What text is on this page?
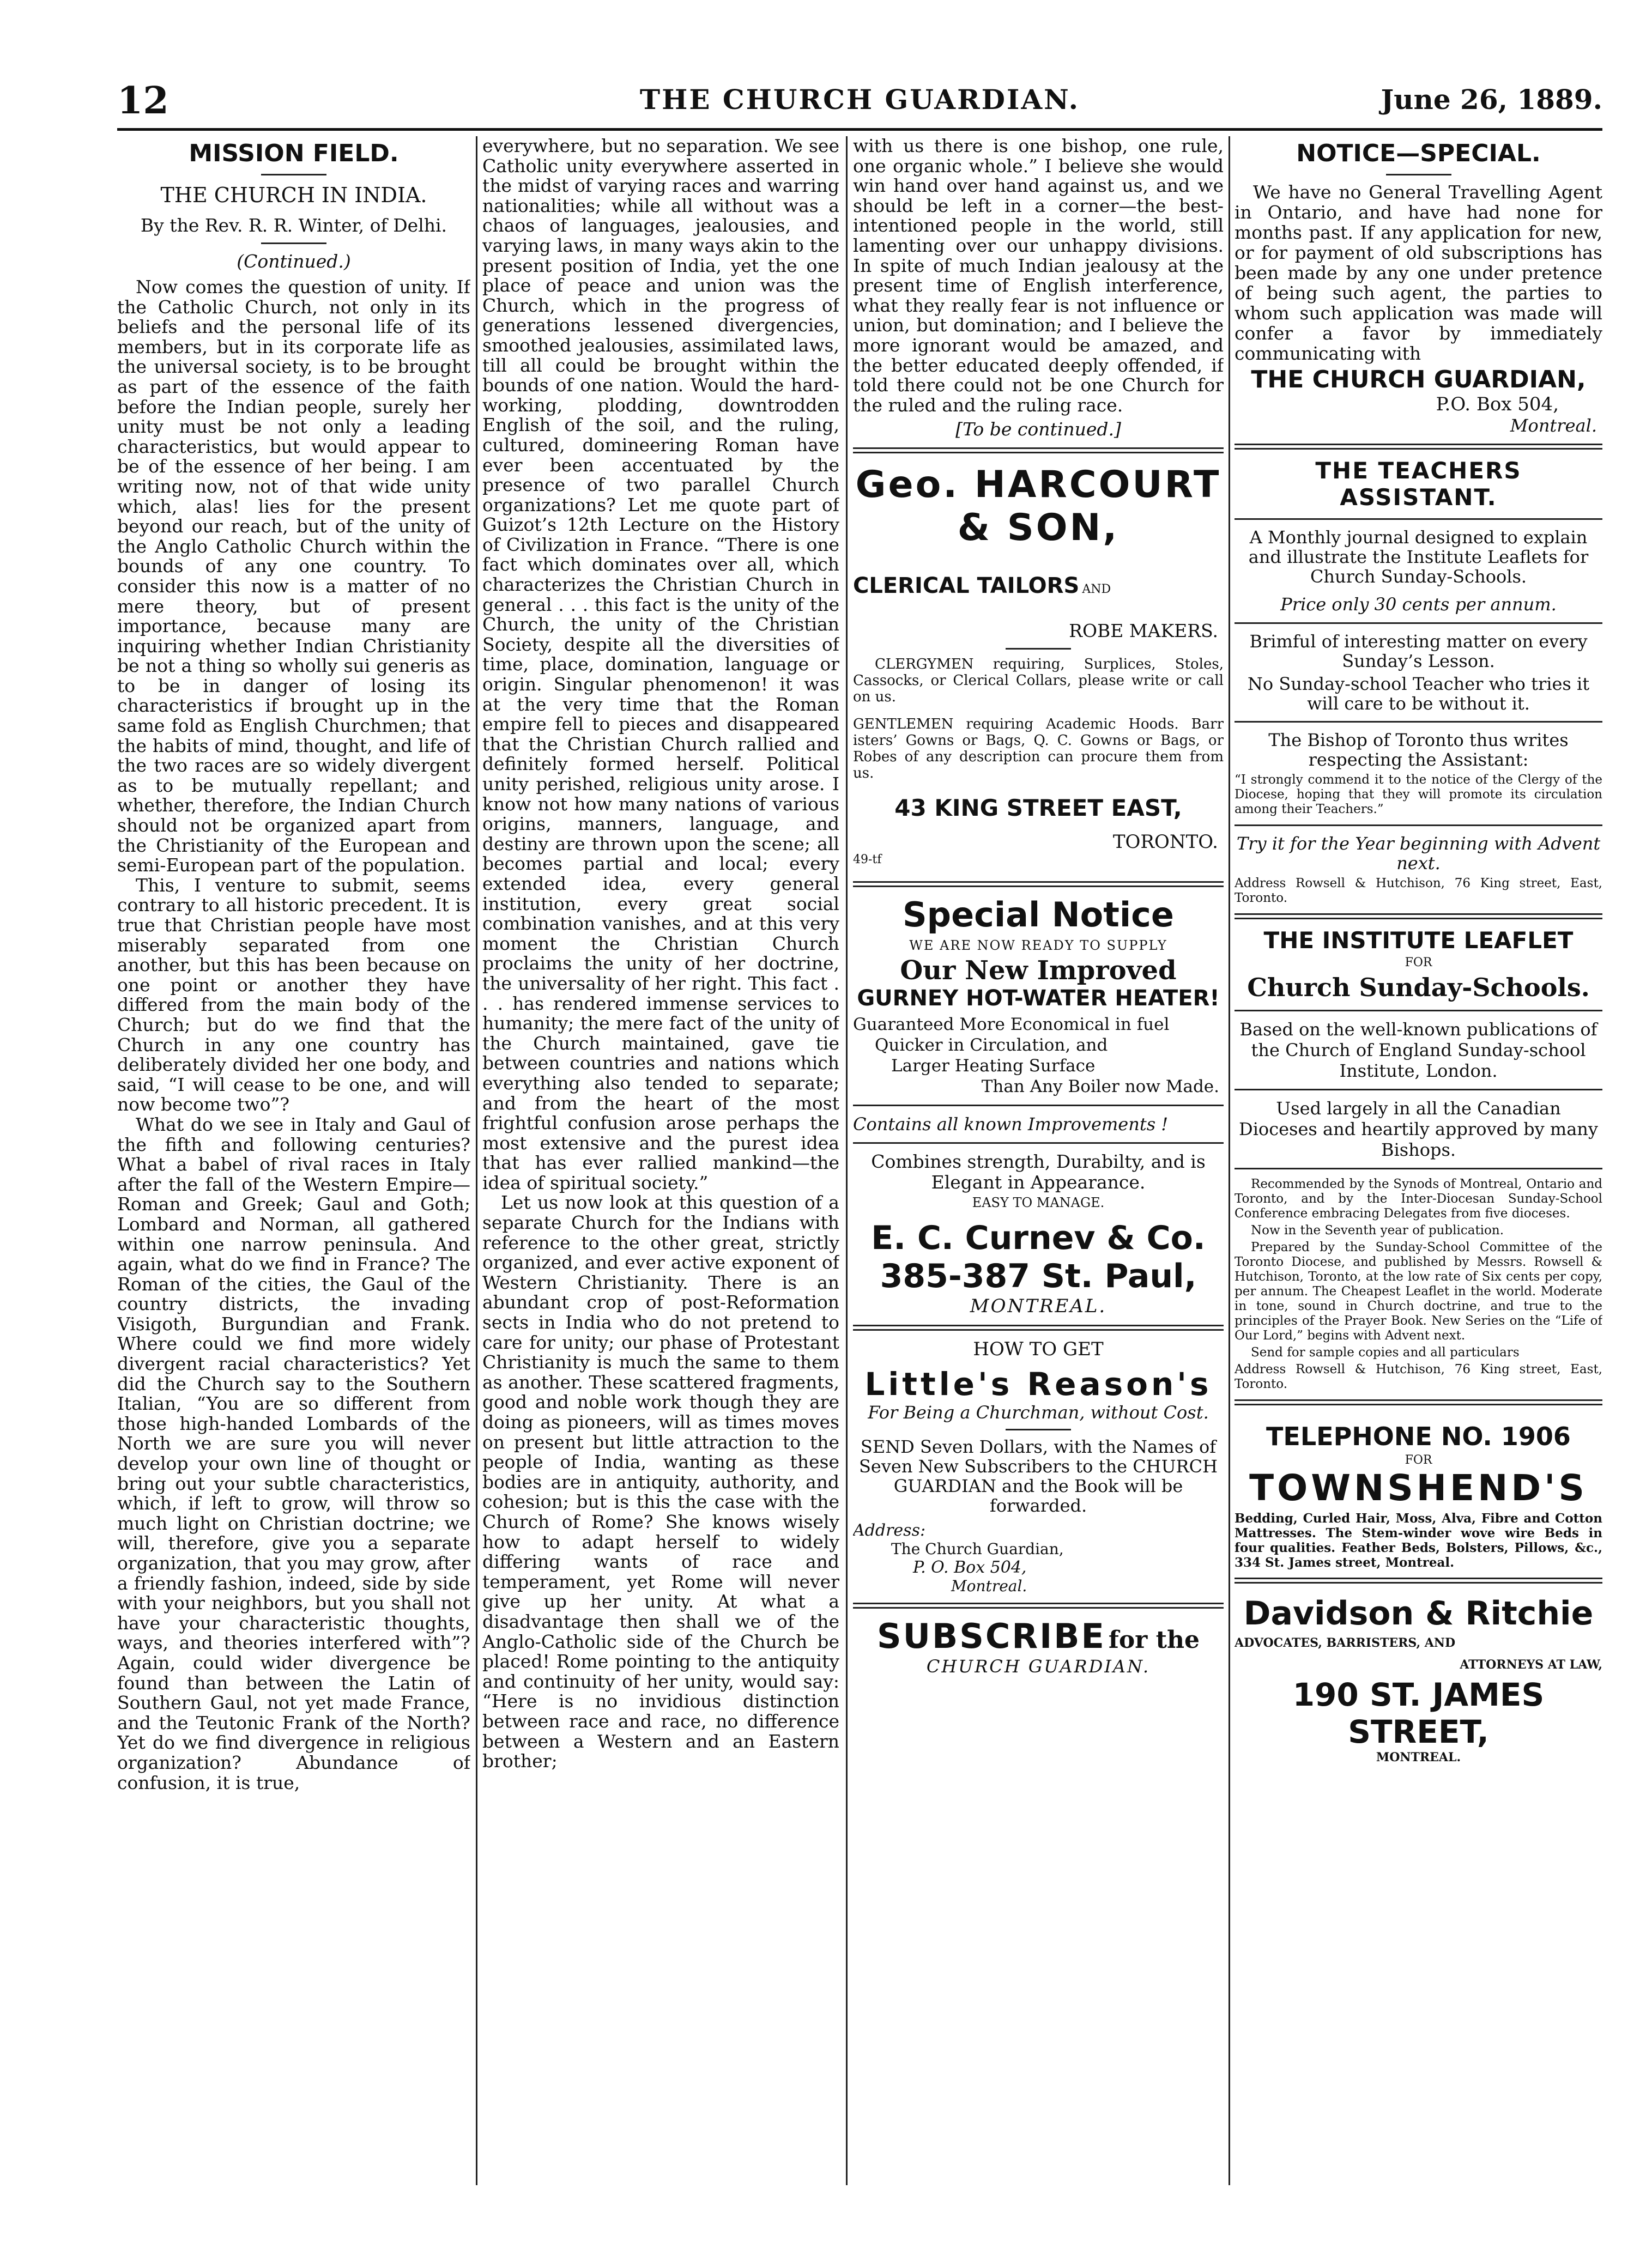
12	THE CHURCH GUARDIAN.	June 26, 1889.
MISSION FIELD.
THE CHURCH IN INDIA.
By the Rev. R. R. Winter, of Delhi.
(Continued.)

Now comes the question of unity. If the Catholic Church, not only in its beliefs and the personal life of its members, but in its corporate life as the universal society, is to be brought as part of the essence of the faith before the Indian people, surely her unity must be not only a leading characteristics, but would appear to be of the essence of her being. I am writing now, not of that wide unity which, alas! lies for the present beyond our reach, but of the unity of the Anglo Catholic Church within the bounds of any one country. To consider this now is a matter of no mere theory, but of present importance, because many are inquiring whether Indian Christianity be not a thing so wholly sui generis as to be in danger of losing its characteristics if brought up in the same fold as English Churchmen; that the habits of mind, thought, and life of the two races are so widely divergent as to be mutually repellant; and whether, therefore, the Indian Church should not be organized apart from the Christianity of the European and semi-European part of the population.

This, I venture to submit, seems contrary to all historic precedent. It is true that Christian people have most miserably separated from one another, but this has been because on one point or another they have differed from the main body of the Church; but do we find that the Church in any one country has deliberately divided her one body, and said, “I will cease to be one, and will now become two”?

What do we see in Italy and Gaul of the fifth and following centuries? What a babel of rival races in Italy after the fall of the Western Empire—Roman and Greek; Gaul and Goth; Lombard and Norman, all gathered within one narrow peninsula. And again, what do we find in France? The Roman of the cities, the Gaul of the country districts, the invading Visigoth, Burgundian and Frank. Where could we find more widely divergent racial characteristics? Yet did the Church say to the Southern Italian, “You are so different from those high-handed Lombards of the North we are sure you will never develop your own line of thought or bring out your subtle characteristics, which, if left to grow, will throw so much light on Christian doctrine; we will, therefore, give you a separate organization, that you may grow, after a friendly fashion, indeed, side by side with your neighbors, but you shall not have your characteristic thoughts, ways, and theories interfered with”? Again, could wider divergence be found than between the Latin of Southern Gaul, not yet made France, and the Teutonic Frank of the North? Yet do we find divergence in religious organization? Abundance of confusion, it is true,

everywhere, but no separation. We see Catholic unity everywhere asserted in the midst of varying races and warring nationalities; while all without was a chaos of languages, jealousies, and varying laws, in many ways akin to the present position of India, yet the one place of peace and union was the Church, which in the progress of generations lessened divergencies, smoothed jealousies, assimilated laws, till all could be brought within the bounds of one nation. Would the hard-working, plodding, downtrodden English of the soil, and the ruling, cultured, domineering Roman have ever been accentuated by the presence of two parallel Church organizations? Let me quote part of Guizot’s 12th Lecture on the History of Civilization in France. “There is one fact which dominates over all, which characterizes the Christian Church in general . . . this fact is the unity of the Church, the unity of the Christian Society, despite all the diversities of time, place, domination, language or origin. Singular phenomenon! it was at the very time that the Roman empire fell to pieces and disappeared that the Christian Church rallied and definitely formed herself. Political unity perished, religious unity arose. I know not how many nations of various origins, manners, language, and destiny are thrown upon the scene; all becomes partial and local; every extended idea, every general institution, every great social combination vanishes, and at this very moment the Christian Church proclaims the unity of her doctrine, the universality of her right. This fact . . . has rendered immense services to humanity; the mere fact of the unity of the Church maintained, gave tie between countries and nations which everything also tended to separate; and from the heart of the most frightful confusion arose perhaps the most extensive and the purest idea that has ever rallied mankind—the idea of spiritual society.”

Let us now look at this question of a separate Church for the Indians with reference to the other great, strictly organized, and ever active exponent of Western Christianity. There is an abundant crop of post-Reformation sects in India who do not pretend to care for unity; our phase of Protestant Christianity is much the same to them as another. These scattered fragments, good and noble work though they are doing as pioneers, will as times moves on present but little attraction to the people of India, wanting as these bodies are in antiquity, authority, and cohesion; but is this the case with the Church of Rome? She knows wisely how to adapt herself to widely differing wants of race and temperament, yet Rome will never give up her unity. At what a disadvantage then shall we of the Anglo-Catholic side of the Church be placed! Rome pointing to the antiquity and continuity of her unity, would say: “Here is no invidious distinction between race and race, no difference between a Western and an Eastern brother;

with us there is one bishop, one rule, one organic whole.” I believe she would win hand over hand against us, and we should be left in a corner—the best-intentioned people in the world, still lamenting over our unhappy divisions. In spite of much Indian jealousy at the present time of English interference, what they really fear is not influence or union, but domination; and I believe the more ignorant would be amazed, and the better educated deeply offended, if told there could not be one Church for the ruled and the ruling race.

[To be continued.]
Geo. HARCOURT
& SON,
CLERICAL TAILORS AND
ROBE MAKERS.

CLERGYMEN requiring, Surplices, Stoles, Cassocks, or Clerical Collars, please write or call on us.

GENTLEMEN requiring Academic Hoods. Barr isters’ Gowns or Bags, Q. C. Gowns or Bags, or Robes of any description can procure them from us.

43 KING STREET EAST,
TORONTO.
49-tf
Special Notice
WE ARE NOW READY TO SUPPLY
Our New Improved
GURNEY HOT-WATER HEATER!
Guaranteed More Economical in fuel
Quicker in Circulation, and
Larger Heating Surface
Than Any Boiler now Made.
Contains all known Improvements !
Combines strength, Durabilty, and is Elegant in Appearance.
EASY TO MANAGE.
E. C. Curnev & Co.
385-387 St. Paul,
MONTREAL.
HOW TO GET
Little's Reason's
For Being a Churchman, without Cost.
SEND Seven Dollars, with the Names of Seven New Subscribers to the CHURCH GUARDIAN and the Book will be forwarded.
Address:
The Church Guardian,
P. O. Box 504,
Montreal.
SUBSCRIBE for the
CHURCH GUARDIAN.
NOTICE—SPECIAL.

We have no General Travelling Agent in Ontario, and have had none for months past. If any application for new, or for payment of old subscriptions has been made by any one under pretence of being such agent, the parties to whom such application was made will confer a favor by immediately communicating with

THE CHURCH GUARDIAN,
P.O. Box 504,
Montreal.
THE TEACHERS ASSISTANT.
A Monthly journal designed to explain and illustrate the Institute Leaflets for Church Sunday-Schools.
Price only 30 cents per annum.
Brimful of interesting matter on every Sunday’s Lesson.
No Sunday-school Teacher who tries it will care to be without it.
The Bishop of Toronto thus writes respecting the Assistant:

“I strongly commend it to the notice of the Clergy of the Diocese, hoping that they will promote its circulation among their Teachers.”

Try it for the Year beginning with Advent next.

Address Rowsell & Hutchison, 76 King street, East, Toronto.

THE INSTITUTE LEAFLET
FOR
Church Sunday-Schools.
Based on the well-known publications of the Church of England Sunday-school Institute, London.
Used largely in all the Canadian Dioceses and heartily approved by many Bishops.

Recommended by the Synods of Montreal, Ontario and Toronto, and by the Inter-Diocesan Sunday-School Conference embracing Delegates from five dioceses.

Now in the Seventh year of publication.

Prepared by the Sunday-School Committee of the Toronto Diocese, and published by Messrs. Rowsell & Hutchison, Toronto, at the low rate of Six cents per copy, per annum. The Cheapest Leaflet in the world. Moderate in tone, sound in Church doctrine, and true to the principles of the Prayer Book. New Series on the “Life of Our Lord,” begins with Advent next.

Send for sample copies and all particulars

Address Rowsell & Hutchison, 76 King street, East, Toronto.

TELEPHONE NO. 1906
FOR
TOWNSHEND'S

Bedding, Curled Hair, Moss, Alva, Fibre and Cotton Mattresses. The Stem-winder wove wire Beds in four qualities. Feather Beds, Bolsters, Pillows, &c., 334 St. James street, Montreal.

Davidson & Ritchie
ADVOCATES, BARRISTERS, AND
ATTORNEYS AT LAW,
190 ST. JAMES STREET,
MONTREAL.
